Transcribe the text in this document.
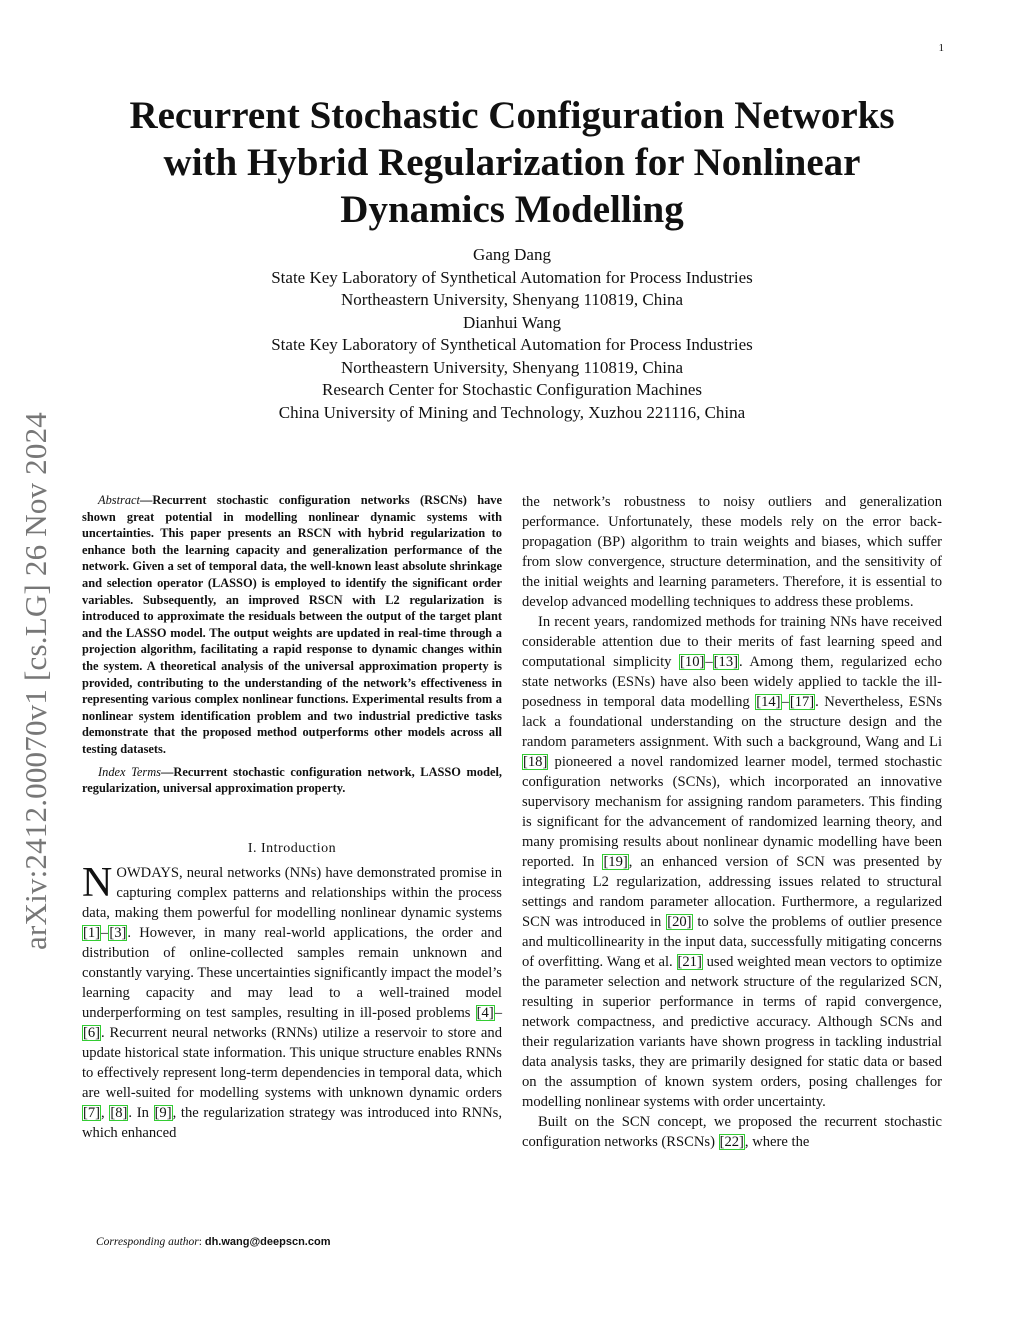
1
arXiv:2412.00070v1 [cs.LG] 26 Nov 2024
Recurrent Stochastic Configuration Networks with Hybrid Regularization for Nonlinear Dynamics Modelling
Gang Dang
State Key Laboratory of Synthetical Automation for Process Industries
Northeastern University, Shenyang 110819, China
Dianhui Wang
State Key Laboratory of Synthetical Automation for Process Industries
Northeastern University, Shenyang 110819, China
Research Center for Stochastic Configuration Machines
China University of Mining and Technology, Xuzhou 221116, China

Abstract—Recurrent stochastic configuration networks (RSCNs) have shown great potential in modelling nonlinear dynamic systems with uncertainties. This paper presents an RSCN with hybrid regularization to enhance both the learning capacity and generalization performance of the network. Given a set of temporal data, the well-known least absolute shrinkage and selection operator (LASSO) is employed to identify the significant order variables. Subsequently, an improved RSCN with L2 regularization is introduced to approximate the residuals between the output of the target plant and the LASSO model. The output weights are updated in real-time through a projection algorithm, facilitating a rapid response to dynamic changes within the system. A theoretical analysis of the universal approximation property is provided, contributing to the understanding of the network’s effectiveness in representing various complex nonlinear functions. Experimental results from a nonlinear system identification problem and two industrial predictive tasks demonstrate that the proposed method outperforms other models across all testing datasets.

Index Terms—Recurrent stochastic configuration network, LASSO model, regularization, universal approximation property.

I. Introduction

NOWDAYS, neural networks (NNs) have demonstrated promise in capturing complex patterns and relationships within the process data, making them powerful for modelling nonlinear dynamic systems [1]–[3]. However, in many real-world applications, the order and distribution of online-collected samples remain unknown and constantly varying. These uncertainties significantly impact the model’s learning capacity and may lead to a well-trained model underperforming on test samples, resulting in ill-posed problems [4]–[6]. Recurrent neural networks (RNNs) utilize a reservoir to store and update historical state information. This unique structure enables RNNs to effectively represent long-term dependencies in temporal data, which are well-suited for modelling systems with unknown dynamic orders [7], [8]. In [9], the regularization strategy was introduced into RNNs, which enhanced

the network’s robustness to noisy outliers and generalization performance. Unfortunately, these models rely on the error back-propagation (BP) algorithm to train weights and biases, which suffer from slow convergence, structure determination, and the sensitivity of the initial weights and learning parameters. Therefore, it is essential to develop advanced modelling techniques to address these problems.

In recent years, randomized methods for training NNs have received considerable attention due to their merits of fast learning speed and computational simplicity [10]–[13]. Among them, regularized echo state networks (ESNs) have also been widely applied to tackle the ill-posedness in temporal data modelling [14]–[17]. Nevertheless, ESNs lack a foundational understanding on the structure design and the random parameters assignment. With such a background, Wang and Li [18] pioneered a novel randomized learner model, termed stochastic configuration networks (SCNs), which incorporated an innovative supervisory mechanism for assigning random parameters. This finding is significant for the advancement of randomized learning theory, and many promising results about nonlinear dynamic modelling have been reported. In [19], an enhanced version of SCN was presented by integrating L2 regularization, addressing issues related to structural settings and random parameter allocation. Furthermore, a regularized SCN was introduced in [20] to solve the problems of outlier presence and multicollinearity in the input data, successfully mitigating concerns of overfitting. Wang et al. [21] used weighted mean vectors to optimize the parameter selection and network structure of the regularized SCN, resulting in superior performance in terms of rapid convergence, network compactness, and predictive accuracy. Although SCNs and their regularization variants have shown progress in tackling industrial data analysis tasks, they are primarily designed for static data or based on the assumption of known system orders, posing challenges for modelling nonlinear systems with order uncertainty.

Built on the SCN concept, we proposed the recurrent stochastic configuration networks (RSCNs) [22], where the

Corresponding author: dh.wang@deepscn.com
